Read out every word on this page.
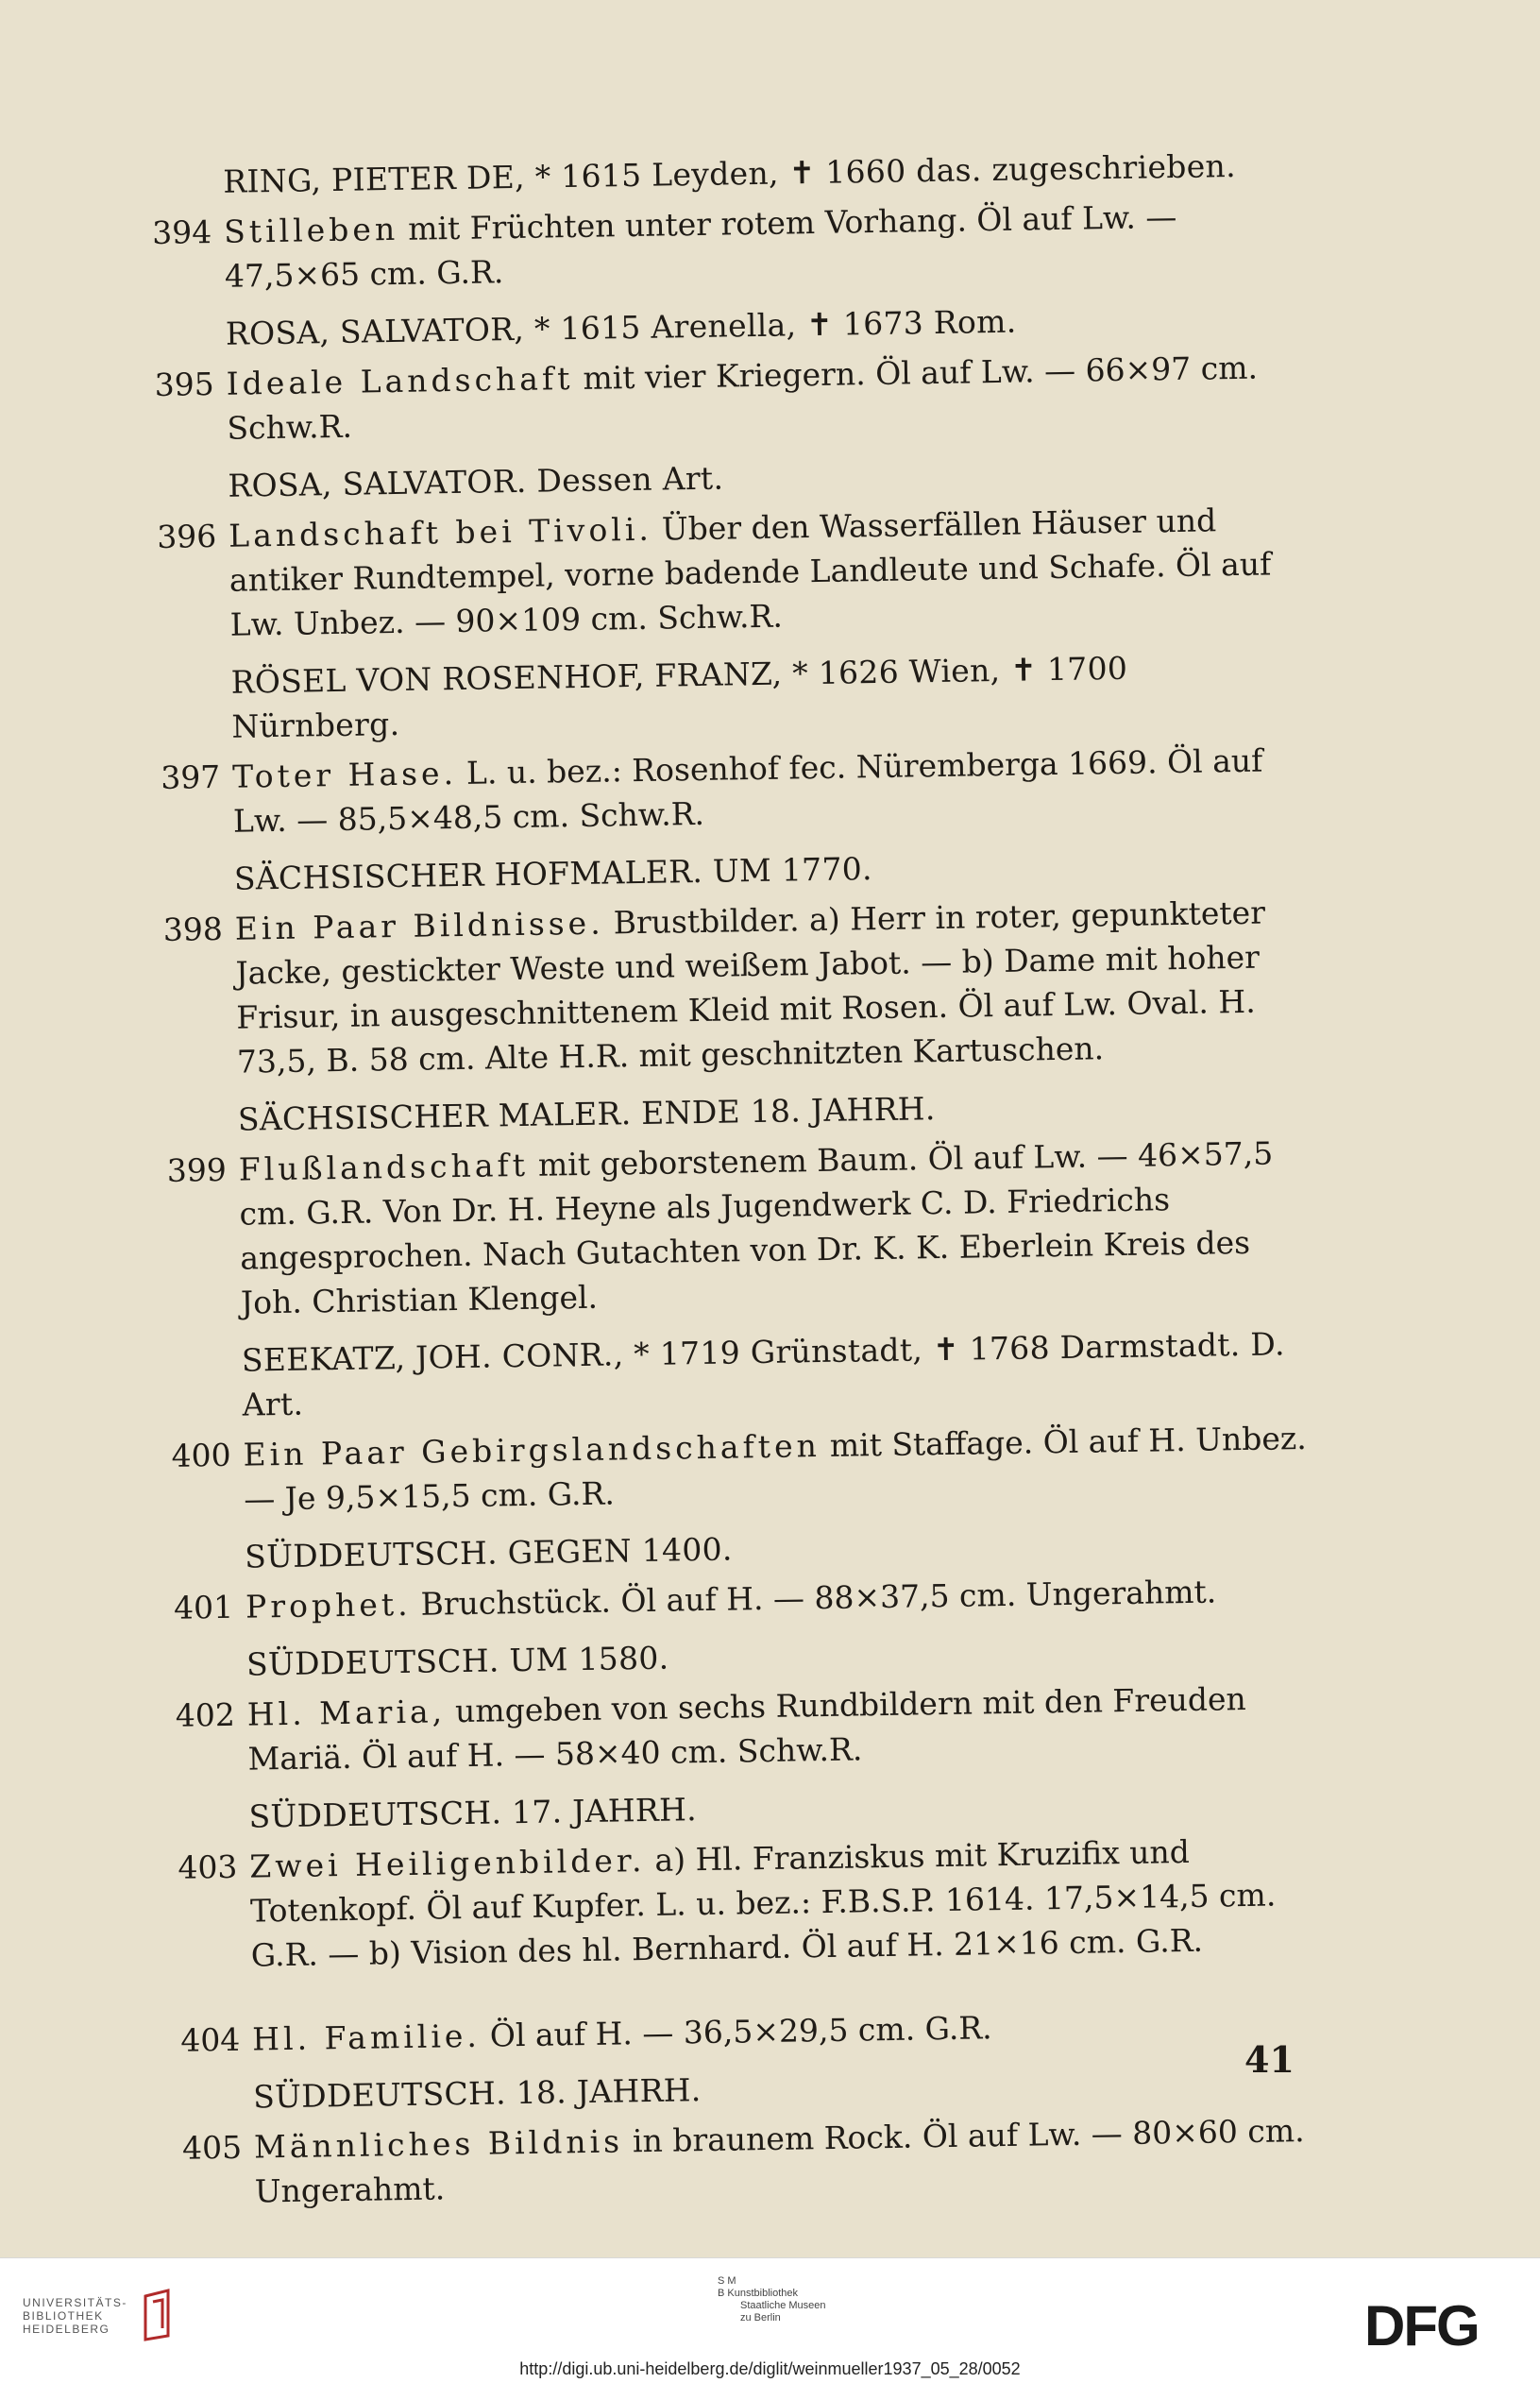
RING, PIETER DE, * 1615 Leyden, ✝ 1660 das. zugeschrieben.
394 Stilleben mit Früchten unter rotem Vorhang. Öl auf Lw. — 47,5×65 cm. G.R.
ROSA, SALVATOR, * 1615 Arenella, ✝ 1673 Rom.
395 Ideale Landschaft mit vier Kriegern. Öl auf Lw. — 66×97 cm. Schw.R.
ROSA, SALVATOR. Dessen Art.
396 Landschaft bei Tivoli. Über den Wasserfällen Häuser und antiker Rundtempel, vorne badende Landleute und Schafe. Öl auf Lw. Unbez. — 90×109 cm. Schw.R.
RÖSEL VON ROSENHOF, FRANZ, * 1626 Wien, ✝ 1700 Nürnberg.
397 Toter Hase. L. u. bez.: Rosenhof fec. Nüremberga 1669. Öl auf Lw. — 85,5×48,5 cm. Schw.R.
SÄCHSISCHER HOFMALER. UM 1770.
398 Ein Paar Bildnisse. Brustbilder. a) Herr in roter, gepunkteter Jacke, gestickter Weste und weißem Jabot. — b) Dame mit hoher Frisur, in ausgeschnittenem Kleid mit Rosen. Öl auf Lw. Oval. H. 73,5, B. 58 cm. Alte H.R. mit geschnitzten Kartuschen.
SÄCHSISCHER MALER. ENDE 18. JAHRH.
399 Flußlandschaft mit geborstenem Baum. Öl auf Lw. — 46×57,5 cm. G.R. Von Dr. H. Heyne als Jugendwerk C. D. Friedrichs angesprochen. Nach Gutachten von Dr. K. K. Eberlein Kreis des Joh. Christian Klengel.
SEEKATZ, JOH. CONR., * 1719 Grünstadt, ✝ 1768 Darmstadt. D. Art.
400 Ein Paar Gebirgslandschaften mit Staffage. Öl auf H. Unbez. — Je 9,5×15,5 cm. G.R.
SÜDDEUTSCH. GEGEN 1400.
401 Prophet. Bruchstück. Öl auf H. — 88×37,5 cm. Ungerahmt.
SÜDDEUTSCH. UM 1580.
402 Hl. Maria, umgeben von sechs Rundbildern mit den Freuden Mariä. Öl auf H. — 58×40 cm. Schw.R.
SÜDDEUTSCH. 17. JAHRH.
403 Zwei Heiligenbilder. a) Hl. Franziskus mit Kruzifix und Totenkopf. Öl auf Kupfer. L. u. bez.: F.B.S.P. 1614. 17,5×14,5 cm. G.R. — b) Vision des hl. Bernhard. Öl auf H. 21×16 cm. G.R.
404 Hl. Familie. Öl auf H. — 36,5×29,5 cm. G.R.
SÜDDEUTSCH. 18. JAHRH.
405 Männliches Bildnis in braunem Rock. Öl auf Lw. — 80×60 cm. Ungerahmt.
41
UNIVERSITÄTS-
BIBLIOTHEK
HEIDELBERG
S M
B Kunstbibliothek
Staatliche Museen
zu Berlin	DFG
http://digi.ub.uni-heidelberg.de/diglit/weinmueller1937_05_28/0052
